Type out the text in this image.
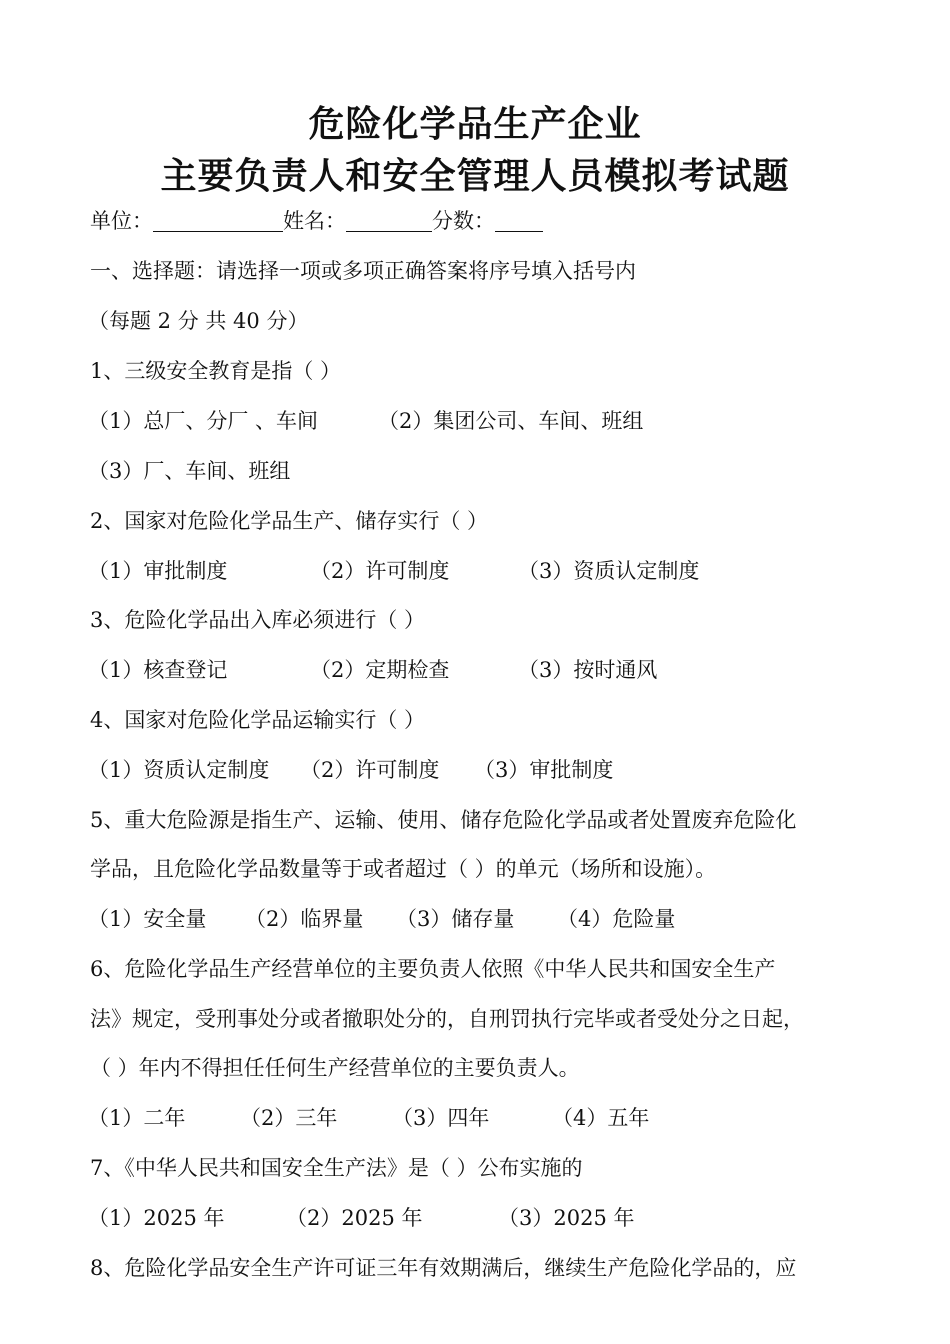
危险化学品生产企业
主要负责人和安全管理人员模拟考试题
单位：	姓名：	分数：
一、选择题：请选择一项或多项正确答案将序号填入括号内
（每题 2 分 共 40 分）
1、三级安全教育是指（ ）
（1）总厂、分厂 、车间	（2）集团公司、车间、班组
（3）厂、车间、班组
2、国家对危险化学品生产、储存实行（ ）
（1）审批制度	（2）许可制度	（3）资质认定制度
3、危险化学品出入库必须进行（ ）
（1）核查登记	（2）定期检查	（3）按时通风
4、国家对危险化学品运输实行（ ）
（1）资质认定制度 （2）许可制度 （3）审批制度
5、重大危险源是指生产、运输、使用、储存危险化学品或者处置废弃危险化
学品，且危险化学品数量等于或者超过（ ）的单元（场所和设施）。
（1）安全量 （2）临界量 （3）储存量 （4）危险量
6、危险化学品生产经营单位的主要负责人依照《中华人民共和国安全生产
法》规定，受刑事处分或者撤职处分的，自刑罚执行完毕或者受处分之日起，
（ ）年内不得担任任何生产经营单位的主要负责人。
（1）二年	（2）三年	（3）四年	（4）五年
7、《中华人民共和国安全生产法》是（ ）公布实施的
（1）2025 年	（2）2025 年	（3）2025 年
8、危险化学品安全生产许可证三年有效期满后，继续生产危险化学品的，应
